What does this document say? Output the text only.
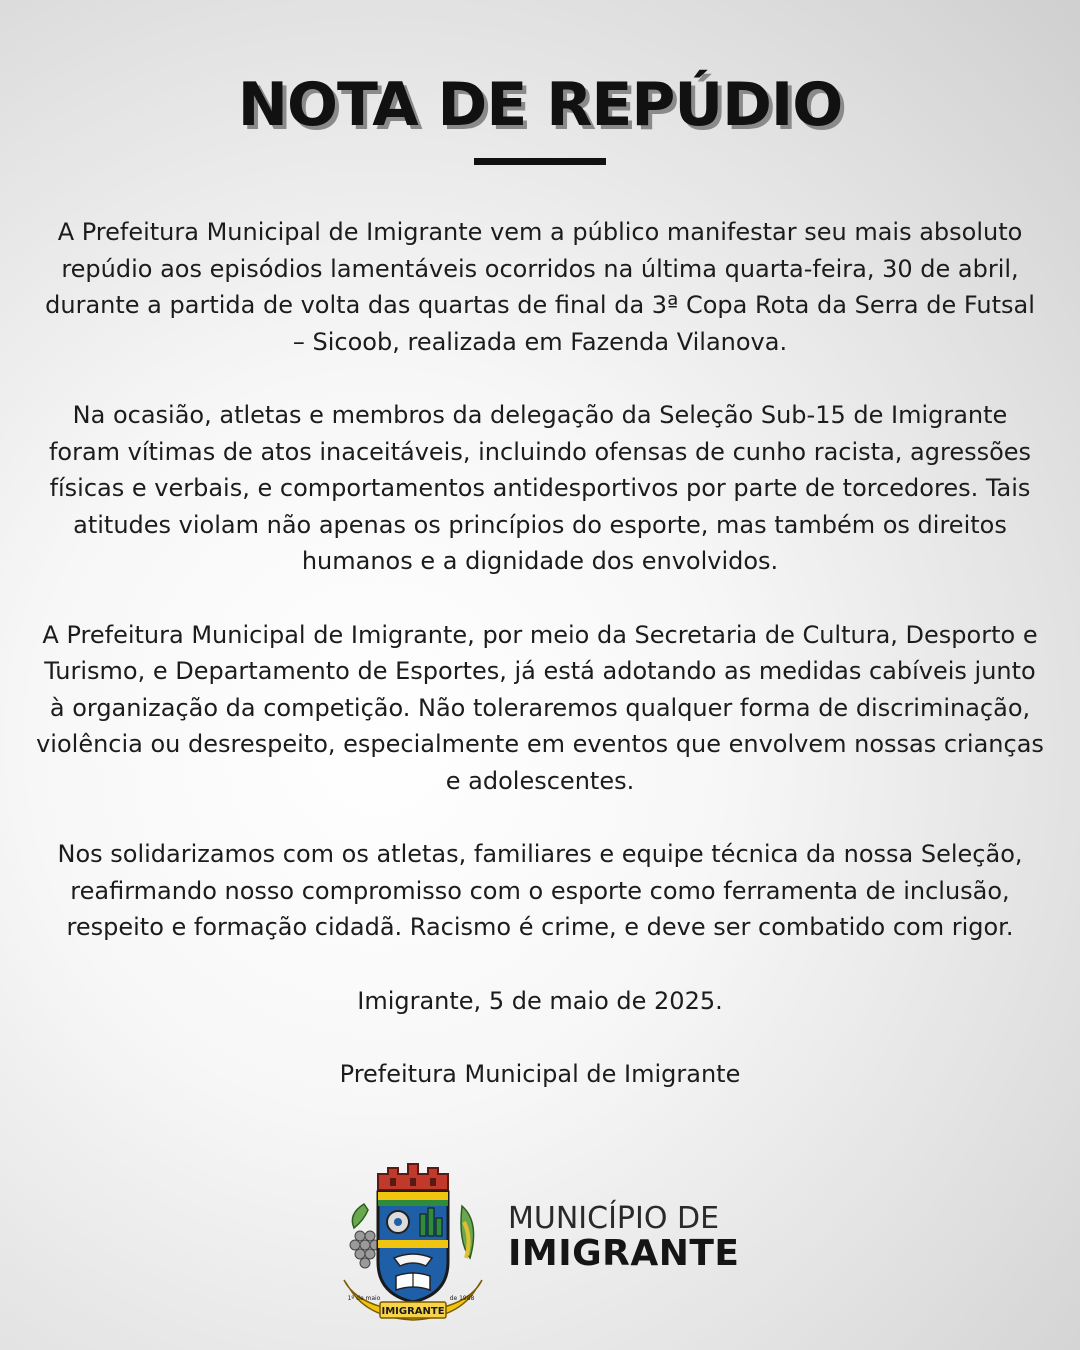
NOTA DE REPÚDIO

A Prefeitura Municipal de Imigrante vem a público manifestar seu mais absoluto repúdio aos episódios lamentáveis ocorridos na última quarta-feira, 30 de abril, durante a partida de volta das quartas de final da 3ª Copa Rota da Serra de Futsal – Sicoob, realizada em Fazenda Vilanova.

Na ocasião, atletas e membros da delegação da Seleção Sub-15 de Imigrante foram vítimas de atos inaceitáveis, incluindo ofensas de cunho racista, agressões físicas e verbais, e comportamentos antidesportivos por parte de torcedores. Tais atitudes violam não apenas os princípios do esporte, mas também os direitos humanos e a dignidade dos envolvidos.

A Prefeitura Municipal de Imigrante, por meio da Secretaria de Cultura, Desporto e Turismo, e Departamento de Esportes, já está adotando as medidas cabíveis junto à organização da competição. Não toleraremos qualquer forma de discriminação, violência ou desrespeito, especialmente em eventos que envolvem nossas crianças e adolescentes.

Nos solidarizamos com os atletas, familiares e equipe técnica da nossa Seleção, reafirmando nosso compromisso com o esporte como ferramenta de inclusão, respeito e formação cidadã. Racismo é crime, e deve ser combatido com rigor.

Imigrante, 5 de maio de 2025.

Prefeitura Municipal de Imigrante

IMIGRANTE
1º de maio	de 1988
MUNICÍPIO DE
IMIGRANTE
